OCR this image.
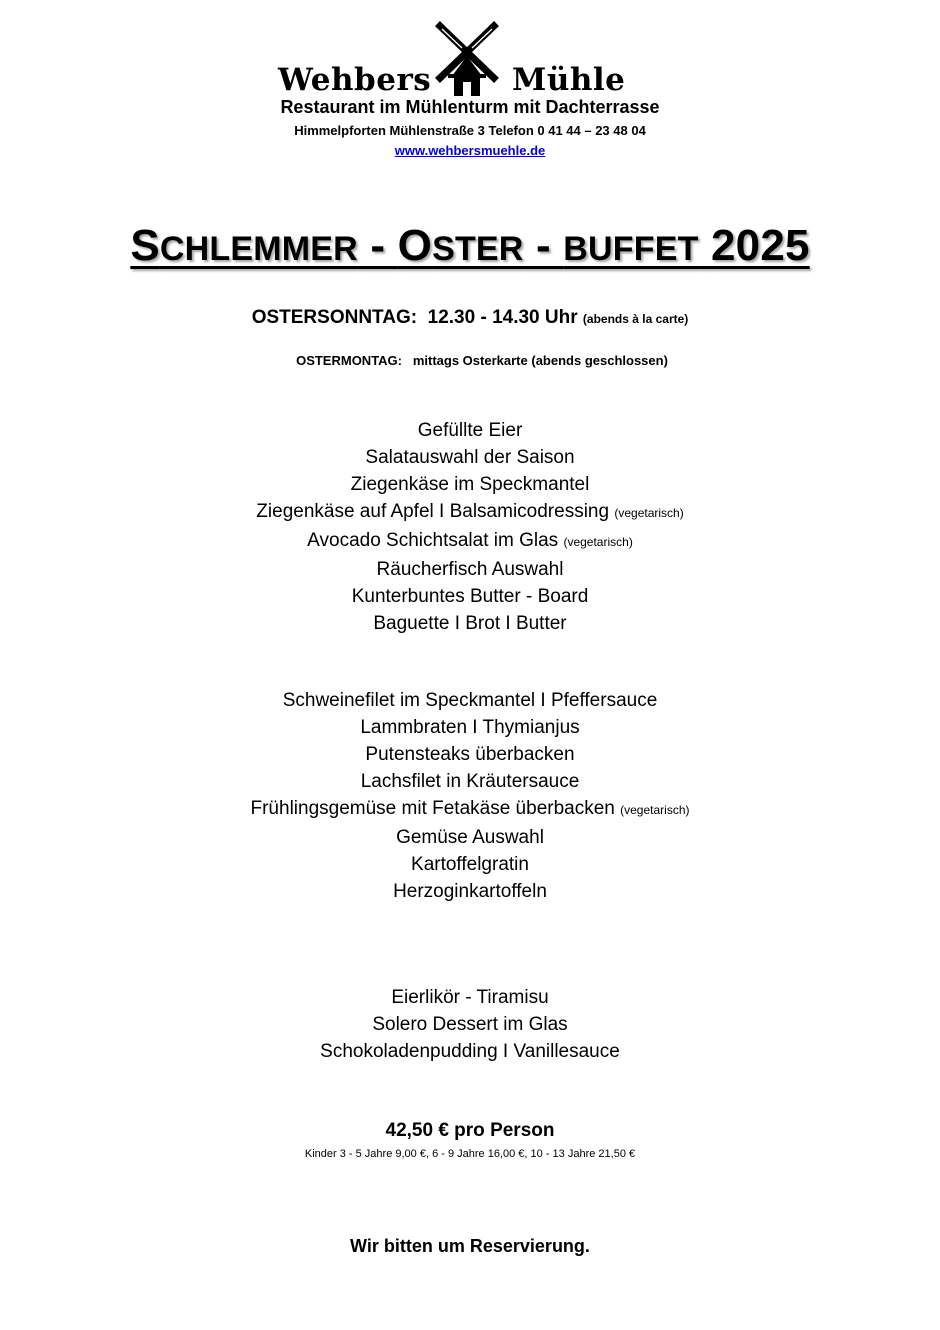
Wehbers	Mühle
Restaurant im Mühlenturm mit Dachterrasse
Himmelpforten Mühlenstraße 3 Telefon 0 41 44 – 23 48 04
www.wehbersmuehle.de
SCHLEMMER - OSTER - BUFFET 2025
OSTERSONNTAG: 12.30 - 14.30 Uhr (abends à la carte)
OSTERMONTAG: mittags Osterkarte (abends geschlossen)
Gefüllte Eier
Salatauswahl der Saison
Ziegenkäse im Speckmantel
Ziegenkäse auf Apfel I Balsamicodressing (vegetarisch)
Avocado Schichtsalat im Glas (vegetarisch)
Räucherfisch Auswahl
Kunterbuntes Butter - Board
Baguette I Brot I Butter
Schweinefilet im Speckmantel I Pfeffersauce
Lammbraten I Thymianjus
Putensteaks überbacken
Lachsfilet in Kräutersauce
Frühlingsgemüse mit Fetakäse überbacken (vegetarisch)
Gemüse Auswahl
Kartoffelgratin
Herzoginkartoffeln
Eierlikör - Tiramisu
Solero Dessert im Glas
Schokoladenpudding I Vanillesauce
42,50 € pro Person
Kinder 3 - 5 Jahre 9,00 €, 6 - 9 Jahre 16,00 €, 10 - 13 Jahre 21,50 €
Wir bitten um Reservierung.
